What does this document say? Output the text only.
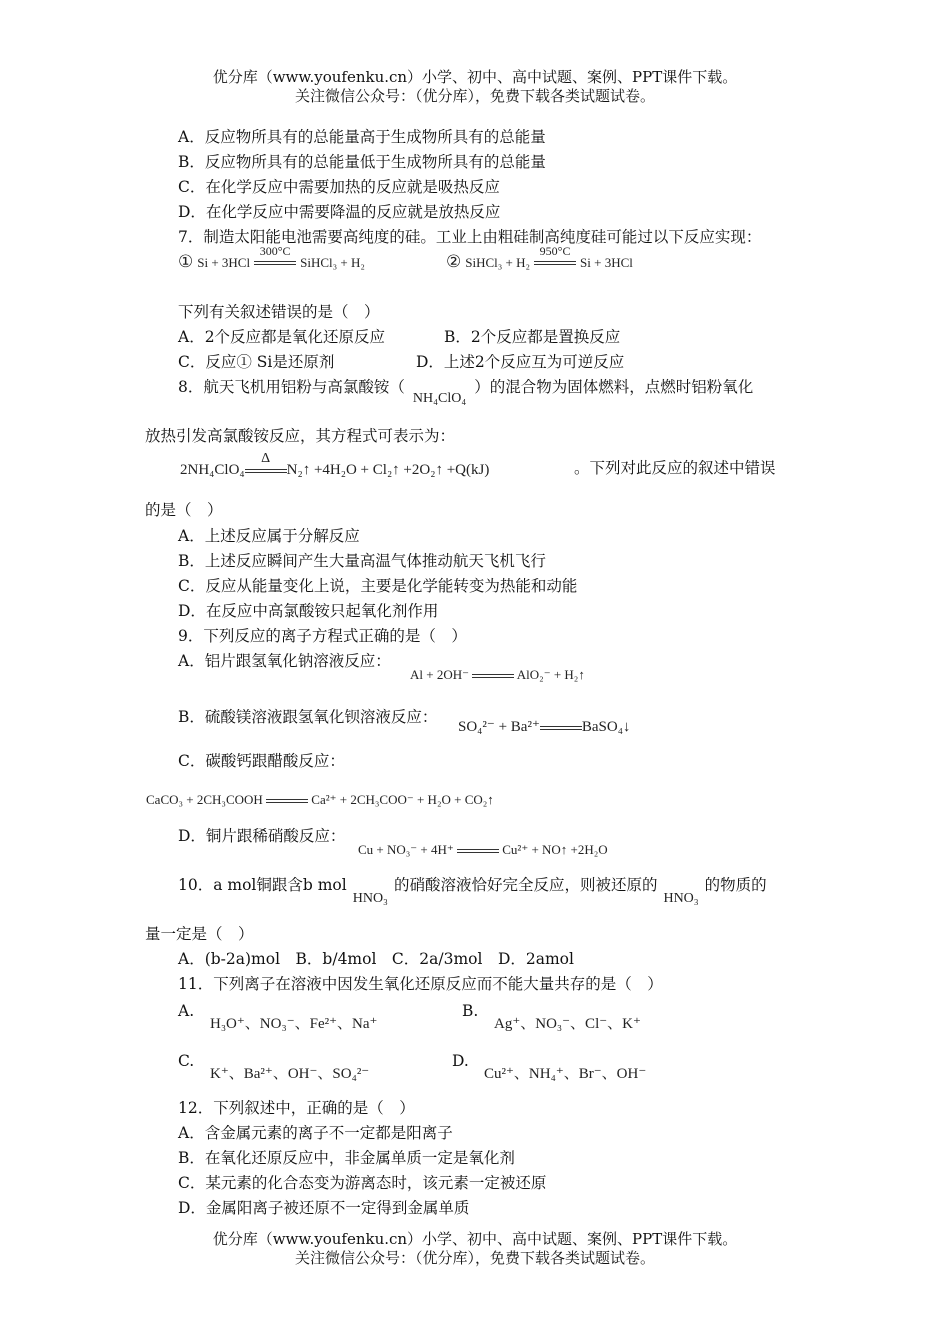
优分库（www.youfenku.cn）小学、初中、高中试题、案例、PPT课件下载。
关注微信公众号：（优分库），免费下载各类试题试卷。
A．反应物所具有的总能量高于生成物所具有的总能量
B．反应物所具有的总能量低于生成物所具有的总能量
C．在化学反应中需要加热的反应就是吸热反应
D．在化学反应中需要降温的反应就是放热反应
7．制造太阳能电池需要高纯度的硅。工业上由粗硅制高纯度硅可能过以下反应实现：
① Si + 3HCl
300°C
SiHCl₃ + H₂	② SiHCl₃ + H₂
950°C
Si + 3HCl
下列有关叙述错误的是（　）
A．2个反应都是氧化还原反应	B．2个反应都是置换反应
C．反应① Si是还原剂	D．上述2个反应互为可逆反应
8．航天飞机用铝粉与高氯酸铵（NH₄ClO₄）的混合物为固体燃料，点燃时铝粉氧化
放热引发高氯酸铵反应，其方程式可表示为：
2NH₄ClO₄
Δ
N₂↑ +4H₂O + Cl₂↑ +2O₂↑ +Q(kJ)	。下列对此反应的叙述中错误
的是（　）
A．上述反应属于分解反应
B．上述反应瞬间产生大量高温气体推动航天飞机飞行
C．反应从能量变化上说，主要是化学能转变为热能和动能
D．在反应中高氯酸铵只起氧化剂作用
9．下列反应的离子方程式正确的是（　）
A．铝片跟氢氧化钠溶液反应：
Al + 2OH⁻	AlO₂⁻ + H₂↑
B．硫酸镁溶液跟氢氧化钡溶液反应：
SO₄²⁻ + Ba²⁺	BaSO₄↓
C．碳酸钙跟醋酸反应：
CaCO₃ + 2CH₃COOH	Ca²⁺ + 2CH₃COO⁻ + H₂O + CO₂↑
D．铜片跟稀硝酸反应：
Cu + NO₃⁻ + 4H⁺	Cu²⁺ + NO↑ +2H₂O
10．a mol铜跟含b molHNO₃的硝酸溶液恰好完全反应，则被还原的HNO₃的物质的
量一定是（　）
A．(b-2a)mol　B．b/4mol　C．2a/3mol　D．2amol
11．下列离子在溶液中因发生氧化还原反应而不能大量共存的是（　）
A.
H₃O⁺、NO₃⁻、Fe²⁺、Na⁺
B.
Ag⁺、NO₃⁻、Cl⁻、K⁺
C.
K⁺、Ba²⁺、OH⁻、SO₄²⁻
D.
Cu²⁺、NH₄⁺、Br⁻、OH⁻
12．下列叙述中，正确的是（　）
A．含金属元素的离子不一定都是阳离子
B．在氧化还原反应中，非金属单质一定是氧化剂
C．某元素的化合态变为游离态时，该元素一定被还原
D．金属阳离子被还原不一定得到金属单质
优分库（www.youfenku.cn）小学、初中、高中试题、案例、PPT课件下载。
关注微信公众号：（优分库），免费下载各类试题试卷。
